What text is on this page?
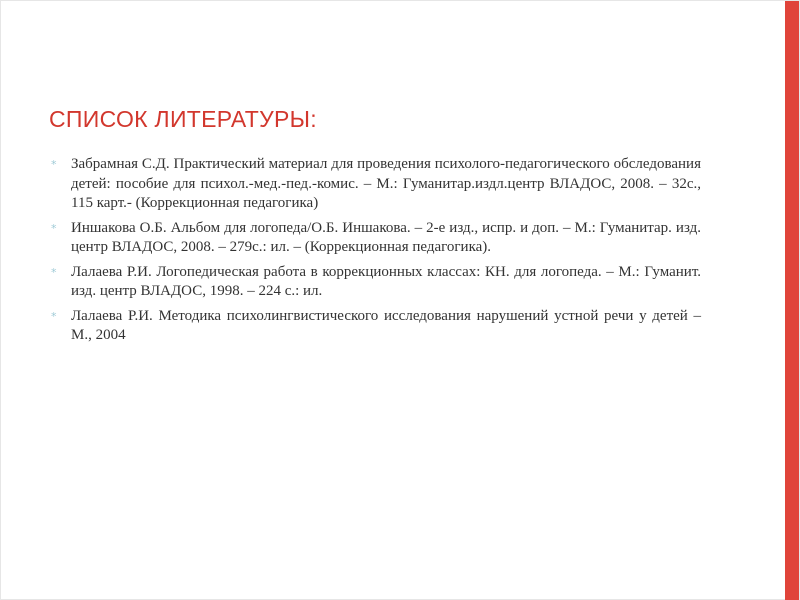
СПИСОК ЛИТЕРАТУРЫ:
* Забрамная С.Д. Практический материал для проведения психолого-педагогического обследования детей: пособие для психол.-мед.-пед.-комис. – М.: Гуманитар.издл.центр ВЛАДОС, 2008. – 32с., 115 карт.- (Коррекционная педагогика)
* Иншакова О.Б. Альбом для логопеда/О.Б. Иншакова. – 2-е изд., испр. и доп. – М.: Гуманитар. изд. центр ВЛАДОС, 2008. – 279с.: ил. – (Коррекционная педагогика).
* Лалаева Р.И. Логопедическая работа в коррекционных классах: КН. для логопеда. – М.: Гуманит. изд. центр ВЛАДОС, 1998. – 224 с.: ил.
* Лалаева Р.И. Методика психолингвистического исследования нарушений устной речи у детей – М., 2004
